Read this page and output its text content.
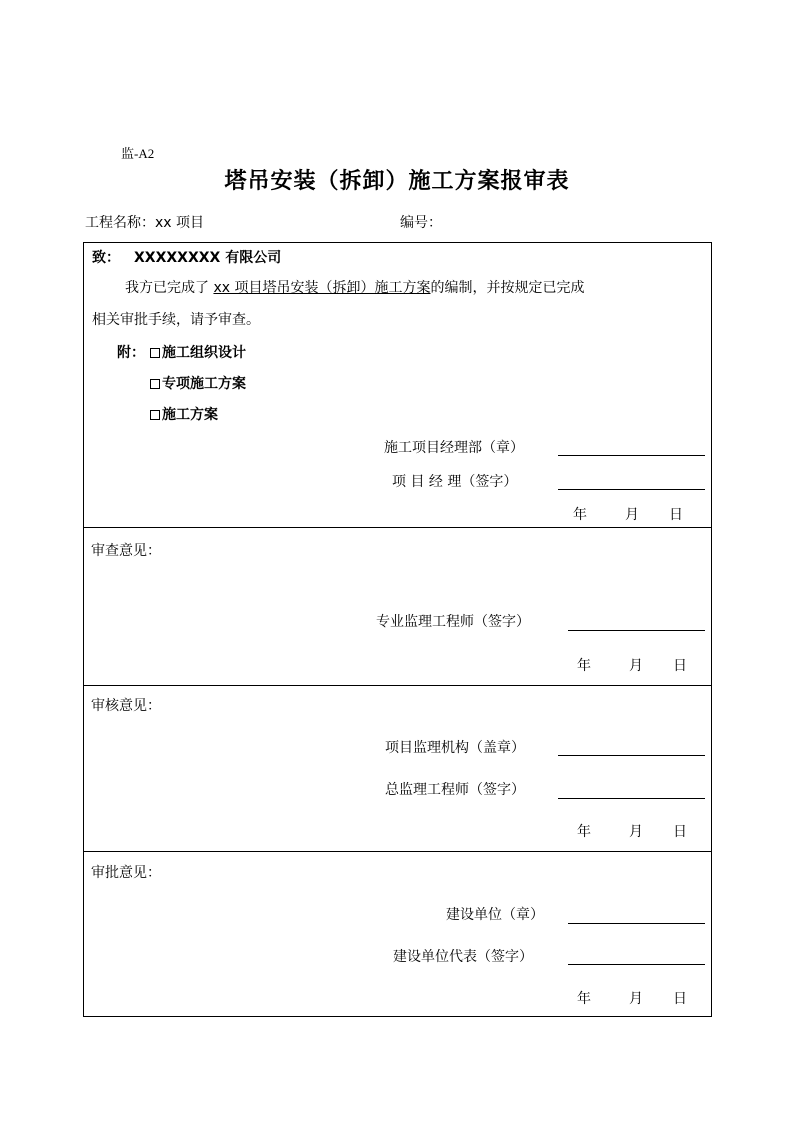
监-A2
塔吊安装（拆卸）施工方案报审表
工程名称：xx 项目	编号：
致： XXXXXXXX 有限公司
我方已完成了 xx 项目塔吊安装（拆卸）施工方案的编制，并按规定已完成
相关审批手续，请予审查。
附：	施工组织设计
专项施工方案
施工方案
施工项目经理部（章）
项 目 经 理（签字）
年	月 日
审查意见：
专业监理工程师（签字）
年	月 日
审核意见：
项目监理机构（盖章）
总监理工程师（签字）
年	月 日
审批意见：
建设单位（章）
建设单位代表（签字）
年	月 日
